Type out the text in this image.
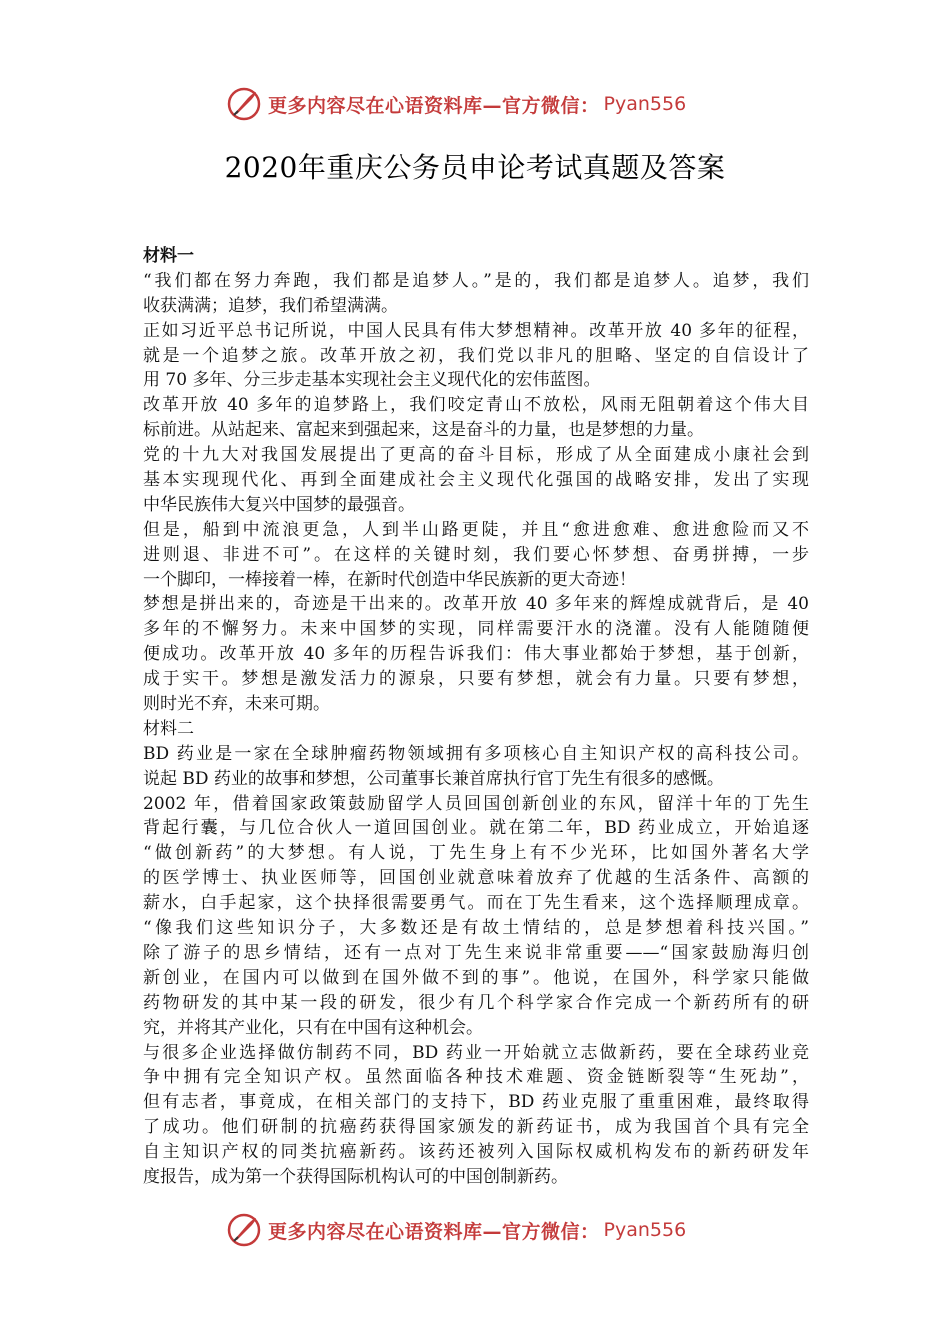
更多内容尽在心语资料库—官方微信： Pyan556
2020年重庆公务员申论考试真题及答案
材料一
“我们都在努力奔跑，我们都是追梦人。”是的，我们都是追梦人。追梦，我们
收获满满；追梦，我们希望满满。
正如习近平总书记所说，中国人民具有伟大梦想精神。改革开放 40 多年的征程，
就是一个追梦之旅。改革开放之初，我们党以非凡的胆略、坚定的自信设计了
用 70 多年、分三步走基本实现社会主义现代化的宏伟蓝图。
改革开放 40 多年的追梦路上，我们咬定青山不放松，风雨无阻朝着这个伟大目
标前进。从站起来、富起来到强起来，这是奋斗的力量，也是梦想的力量。
党的十九大对我国发展提出了更高的奋斗目标，形成了从全面建成小康社会到
基本实现现代化、再到全面建成社会主义现代化强国的战略安排，发出了实现
中华民族伟大复兴中国梦的最强音。
但是，船到中流浪更急，人到半山路更陡，并且“愈进愈难、愈进愈险而又不
进则退、非进不可”。在这样的关键时刻，我们要心怀梦想、奋勇拼搏，一步
一个脚印，一棒接着一棒，在新时代创造中华民族新的更大奇迹！
梦想是拼出来的，奇迹是干出来的。改革开放 40 多年来的辉煌成就背后，是 40
多年的不懈努力。未来中国梦的实现，同样需要汗水的浇灌。没有人能随随便
便成功。改革开放 40 多年的历程告诉我们：伟大事业都始于梦想，基于创新，
成于实干。梦想是激发活力的源泉，只要有梦想，就会有力量。只要有梦想，
则时光不弃，未来可期。
材料二
BD 药业是一家在全球肿瘤药物领域拥有多项核心自主知识产权的高科技公司。
说起 BD 药业的故事和梦想，公司董事长兼首席执行官丁先生有很多的感慨。
2002 年，借着国家政策鼓励留学人员回国创新创业的东风，留洋十年的丁先生
背起行囊，与几位合伙人一道回国创业。就在第二年，BD 药业成立，开始追逐
“做创新药”的大梦想。有人说，丁先生身上有不少光环，比如国外著名大学
的医学博士、执业医师等，回国创业就意味着放弃了优越的生活条件、高额的
薪水，白手起家，这个抉择很需要勇气。而在丁先生看来，这个选择顺理成章。
“像我们这些知识分子，大多数还是有故土情结的，总是梦想着科技兴国。”
除了游子的思乡情结，还有一点对丁先生来说非常重要——“国家鼓励海归创
新创业，在国内可以做到在国外做不到的事”。他说，在国外，科学家只能做
药物研发的其中某一段的研发，很少有几个科学家合作完成一个新药所有的研
究，并将其产业化，只有在中国有这种机会。
与很多企业选择做仿制药不同，BD 药业一开始就立志做新药，要在全球药业竞
争中拥有完全知识产权。虽然面临各种技术难题、资金链断裂等“生死劫”，
但有志者，事竟成，在相关部门的支持下，BD 药业克服了重重困难，最终取得
了成功。他们研制的抗癌药获得国家颁发的新药证书，成为我国首个具有完全
自主知识产权的同类抗癌新药。该药还被列入国际权威机构发布的新药研发年
度报告，成为第一个获得国际机构认可的中国创制新药。
更多内容尽在心语资料库—官方微信： Pyan556
